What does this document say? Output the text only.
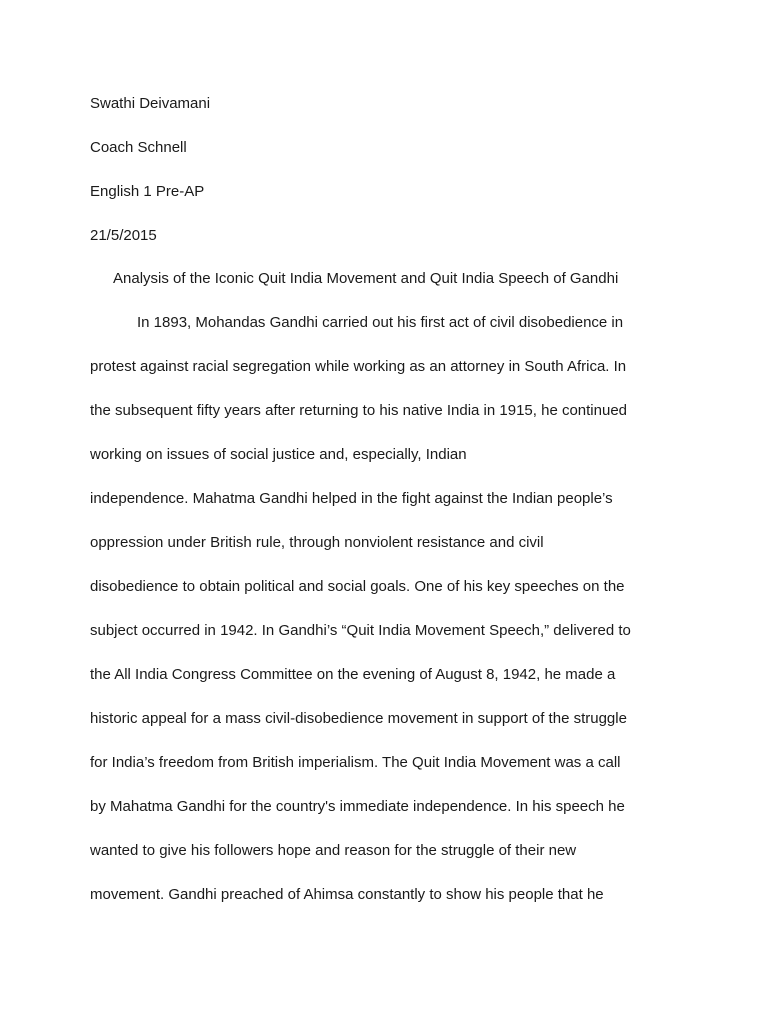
Swathi Deivamani
Coach Schnell
English 1 Pre-AP
21/5/2015
Analysis of the Iconic Quit India Movement and Quit India Speech of Gandhi
In 1893, Mohandas Gandhi carried out his first act of civil disobedience in
protest against racial segregation while working as an attorney in South Africa. In
the subsequent fifty years after returning to his native India in 1915, he continued
working on issues of social justice and, especially, Indian
independence. Mahatma Gandhi helped in the fight against the Indian people’s
oppression under British rule, through nonviolent resistance and civil
disobedience to obtain political and social goals. One of his key speeches on the
subject occurred in 1942. In Gandhi’s “Quit India Movement Speech,” delivered to
the All India Congress Committee on the evening of August 8, 1942, he made a
historic appeal for a mass civil-disobedience movement in support of the struggle
for India’s freedom from British imperialism. The Quit India Movement was a call
by Mahatma Gandhi for the country's immediate independence. In his speech he
wanted to give his followers hope and reason for the struggle of their new
movement. Gandhi preached of Ahimsa constantly to show his people that he
